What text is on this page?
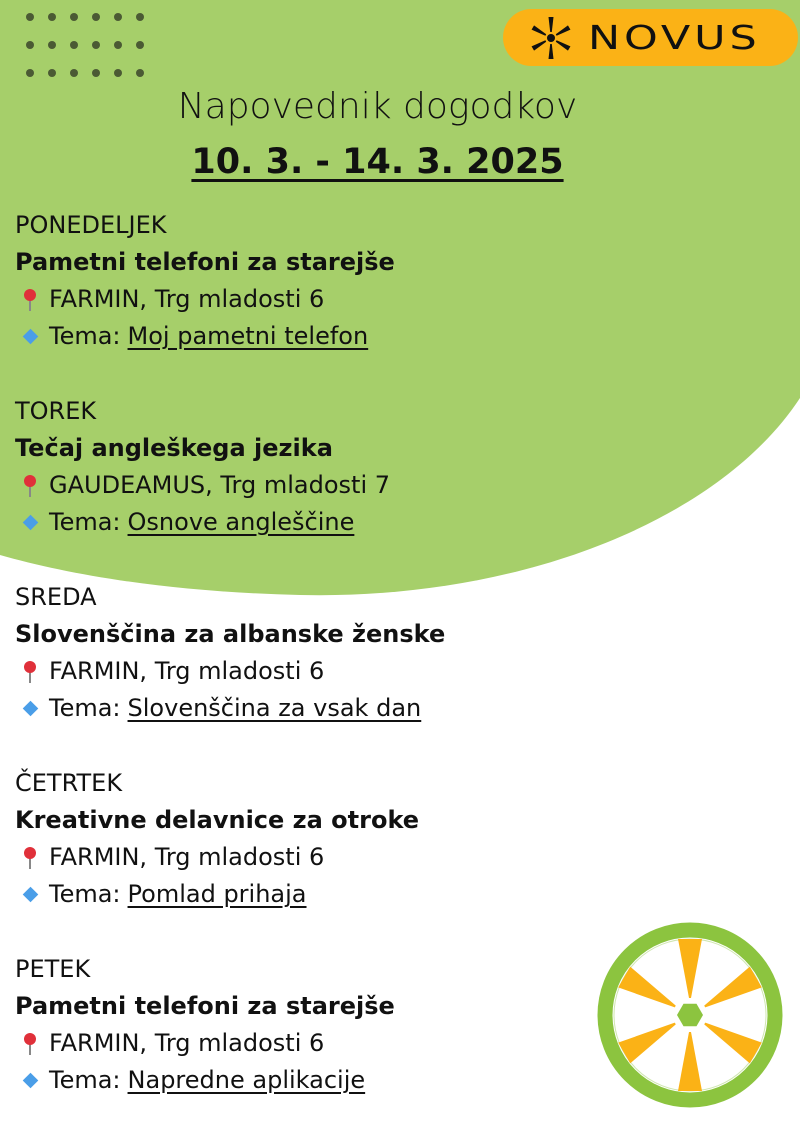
NOVUS
Napovednik dogodkov
10. 3. - 14. 3. 2025
PONEDELJEK
Pametni telefoni za starejše
FARMIN, Trg mladosti 6
Tema: Moj pametni telefon
TOREK
Tečaj angleškega jezika
GAUDEAMUS, Trg mladosti 7
Tema: Osnove angleščine
SREDA
Slovenščina za albanske ženske
FARMIN, Trg mladosti 6
Tema: Slovenščina za vsak dan
ČETRTEK
Kreativne delavnice za otroke
FARMIN, Trg mladosti 6
Tema: Pomlad prihaja
PETEK
Pametni telefoni za starejše
FARMIN, Trg mladosti 6
Tema: Napredne aplikacije
